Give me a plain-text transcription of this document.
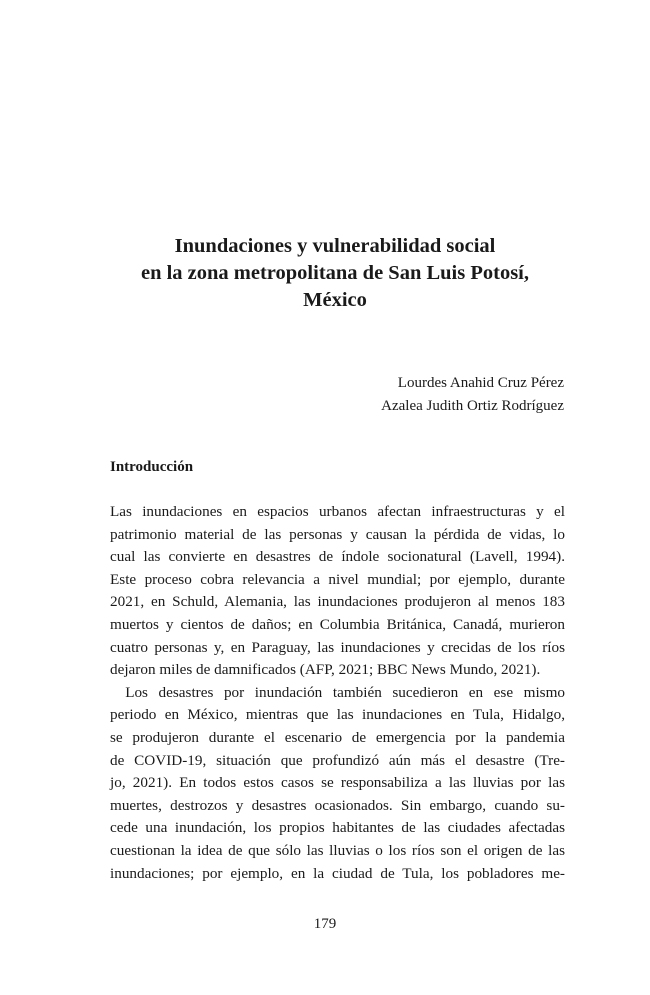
Inundaciones y vulnerabilidad social
en la zona metropolitana de San Luis Potosí,
México
Lourdes Anahid Cruz Pérez
Azalea Judith Ortiz Rodríguez
Introducción
Las inundaciones en espacios urbanos afectan infraestructuras y el
patrimonio material de las personas y causan la pérdida de vidas, lo
cual las convierte en desastres de índole socionatural (Lavell, 1994).
Este proceso cobra relevancia a nivel mundial; por ejemplo, durante
2021, en Schuld, Alemania, las inundaciones produjeron al menos 183
muertos y cientos de daños; en Columbia Británica, Canadá, murieron
cuatro personas y, en Paraguay, las inundaciones y crecidas de los ríos
dejaron miles de damnificados (AFP, 2021; BBC News Mundo, 2021).
 Los desastres por inundación también sucedieron en ese mismo
periodo en México, mientras que las inundaciones en Tula, Hidalgo,
se produjeron durante el escenario de emergencia por la pandemia
de COVID-19, situación que profundizó aún más el desastre (Tre-
jo, 2021). En todos estos casos se responsabiliza a las lluvias por las
muertes, destrozos y desastres ocasionados. Sin embargo, cuando su-
cede una inundación, los propios habitantes de las ciudades afectadas
cuestionan la idea de que sólo las lluvias o los ríos son el origen de las
inundaciones; por ejemplo, en la ciudad de Tula, los pobladores me-
179
